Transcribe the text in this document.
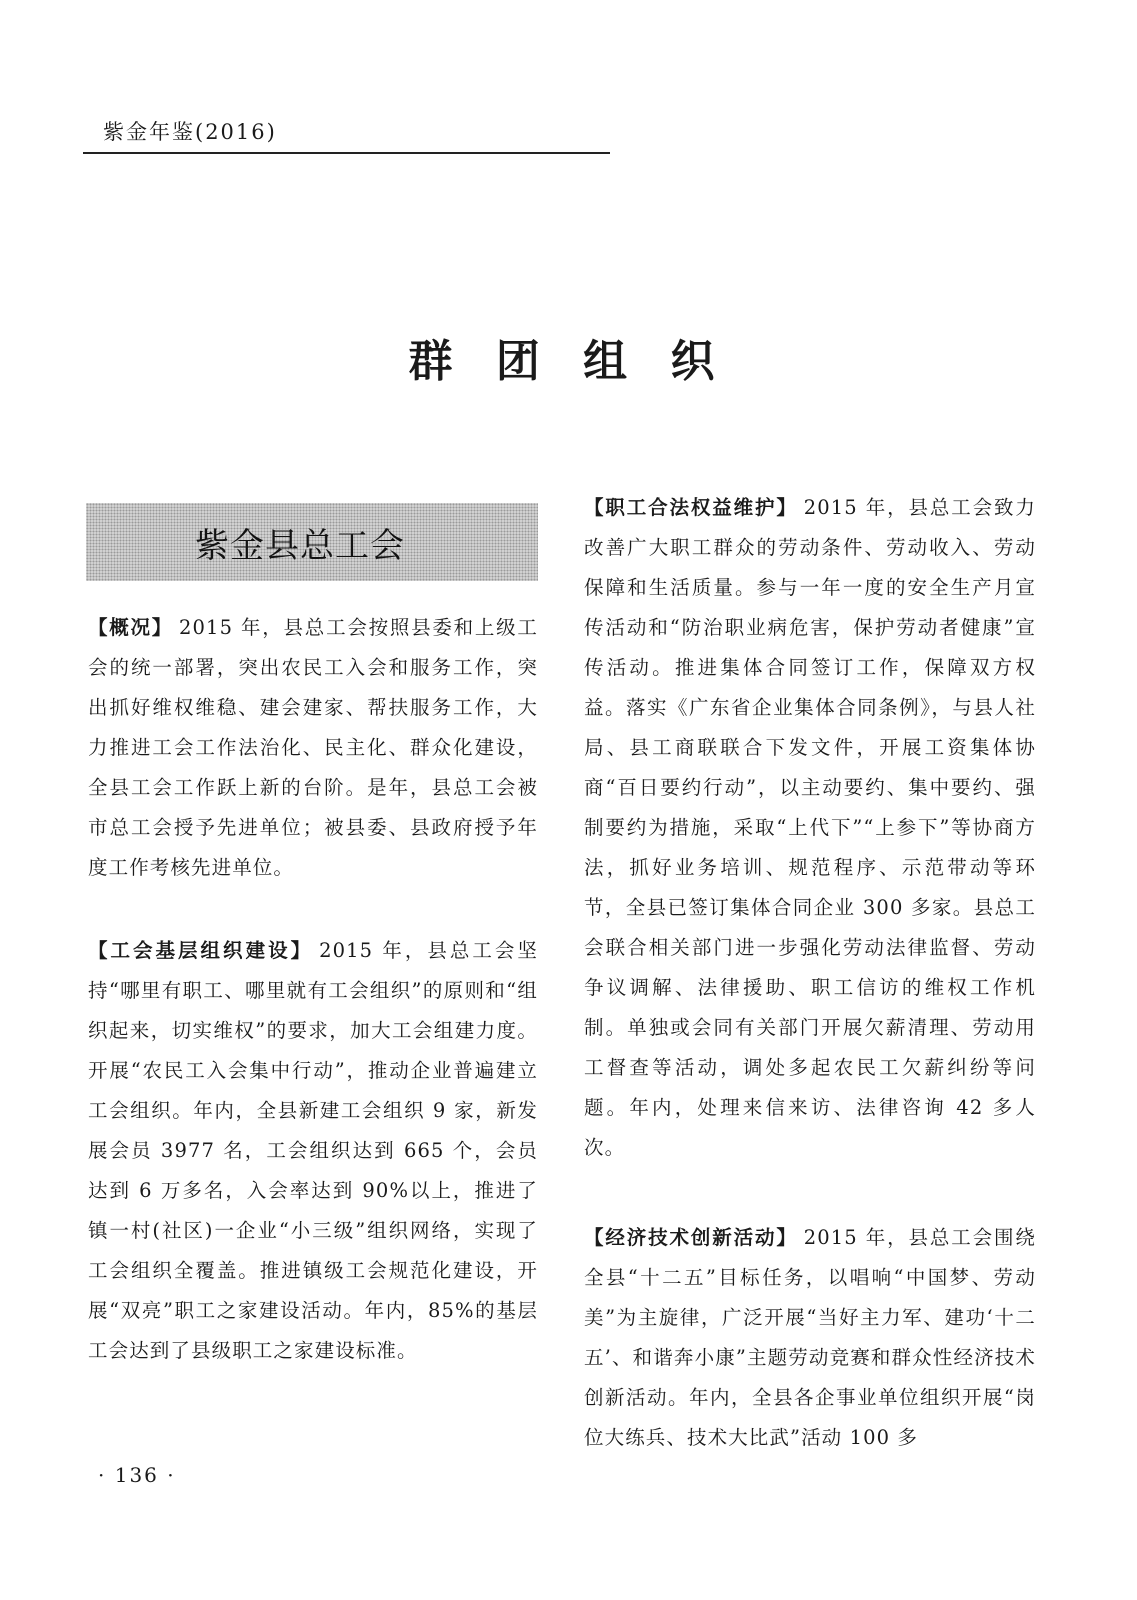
紫金年鉴(2016)
群 团 组 织
紫金县总工会

【概况】 2015 年，县总工会按照县委和上级工会的统一部署，突出农民工入会和服务工作，突出抓好维权维稳、建会建家、帮扶服务工作，大力推进工会工作法治化、民主化、群众化建设，全县工会工作跃上新的台阶。是年，县总工会被市总工会授予先进单位；被县委、县政府授予年度工作考核先进单位。

【工会基层组织建设】 2015 年，县总工会坚持“哪里有职工、哪里就有工会组织”的原则和“组织起来，切实维权”的要求，加大工会组建力度。开展“农民工入会集中行动”，推动企业普遍建立工会组织。年内，全县新建工会组织 9 家，新发展会员 3977 名，工会组织达到 665 个，会员达到 6 万多名，入会率达到 90%以上，推进了镇一村(社区)一企业“小三级”组织网络，实现了工会组织全覆盖。推进镇级工会规范化建设，开展“双亮”职工之家建设活动。年内，85%的基层工会达到了县级职工之家建设标准。

【职工合法权益维护】 2015 年，县总工会致力改善广大职工群众的劳动条件、劳动收入、劳动保障和生活质量。参与一年一度的安全生产月宣传活动和“防治职业病危害，保护劳动者健康”宣传活动。推进集体合同签订工作，保障双方权益。落实《广东省企业集体合同条例》，与县人社局、县工商联联合下发文件，开展工资集体协商“百日要约行动”，以主动要约、集中要约、强制要约为措施，采取“上代下”“上参下”等协商方法，抓好业务培训、规范程序、示范带动等环节，全县已签订集体合同企业 300 多家。县总工会联合相关部门进一步强化劳动法律监督、劳动争议调解、法律援助、职工信访的维权工作机制。单独或会同有关部门开展欠薪清理、劳动用工督查等活动，调处多起农民工欠薪纠纷等问题。年内，处理来信来访、法律咨询 42 多人次。

【经济技术创新活动】 2015 年，县总工会围绕全县“十二五”目标任务，以唱响“中国梦、劳动美”为主旋律，广泛开展“当好主力军、建功‘十二五’、和谐奔小康”主题劳动竞赛和群众性经济技术创新活动。年内，全县各企事业单位组织开展“岗位大练兵、技术大比武”活动 100 多

· 136 ·
